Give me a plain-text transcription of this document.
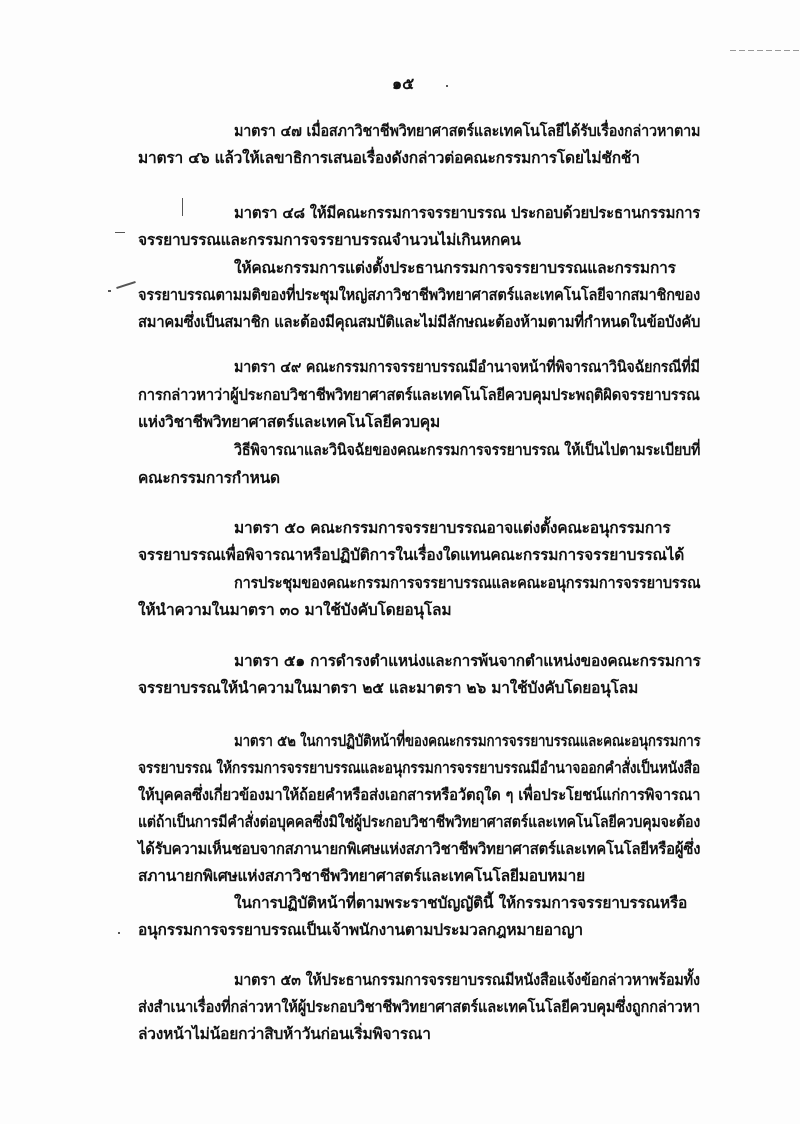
๑๕
มาตรา ๔๗ เมื่อสภาวิชาชีพวิทยาศาสตร์และเทคโนโลยีได้รับเรื่องกล่าวหาตาม
มาตรา ๔๖ แล้วให้เลขาธิการเสนอเรื่องดังกล่าวต่อคณะกรรมการโดยไม่ชักช้า
มาตรา ๔๘ ให้มีคณะกรรมการจรรยาบรรณ ประกอบด้วยประธานกรรมการ
จรรยาบรรณและกรรมการจรรยาบรรณจำนวนไม่เกินหกคน
ให้คณะกรรมการแต่งตั้งประธานกรรมการจรรยาบรรณและกรรมการ
จรรยาบรรณตามมติของที่ประชุมใหญ่สภาวิชาชีพวิทยาศาสตร์และเทคโนโลยีจากสมาชิกของ
สมาคมซึ่งเป็นสมาชิก และต้องมีคุณสมบัติและไม่มีลักษณะต้องห้ามตามที่กำหนดในข้อบังคับ
มาตรา ๔๙ คณะกรรมการจรรยาบรรณมีอำนาจหน้าที่พิจารณาวินิจฉัยกรณีที่มี
การกล่าวหาว่าผู้ประกอบวิชาชีพวิทยาศาสตร์และเทคโนโลยีควบคุมประพฤติผิดจรรยาบรรณ
แห่งวิชาชีพวิทยาศาสตร์และเทคโนโลยีควบคุม
วิธีพิจารณาและวินิจฉัยของคณะกรรมการจรรยาบรรณ ให้เป็นไปตามระเบียบที่
คณะกรรมการกำหนด
มาตรา ๕๐ คณะกรรมการจรรยาบรรณอาจแต่งตั้งคณะอนุกรรมการ
จรรยาบรรณเพื่อพิจารณาหรือปฏิบัติการในเรื่องใดแทนคณะกรรมการจรรยาบรรณได้
การประชุมของคณะกรรมการจรรยาบรรณและคณะอนุกรรมการจรรยาบรรณ
ให้นำความในมาตรา ๓๐ มาใช้บังคับโดยอนุโลม
มาตรา ๕๑ การดำรงตำแหน่งและการพ้นจากตำแหน่งของคณะกรรมการ
จรรยาบรรณให้นำความในมาตรา ๒๕ และมาตรา ๒๖ มาใช้บังคับโดยอนุโลม
มาตรา ๕๒ ในการปฏิบัติหน้าที่ของคณะกรรมการจรรยาบรรณและคณะอนุกรรมการ
จรรยาบรรณ ให้กรรมการจรรยาบรรณและอนุกรรมการจรรยาบรรณมีอำนาจออกคำสั่งเป็นหนังสือ
ให้บุคคลซึ่งเกี่ยวข้องมาให้ถ้อยคำหรือส่งเอกสารหรือวัตถุใด ๆ เพื่อประโยชน์แก่การพิจารณา
แต่ถ้าเป็นการมีคำสั่งต่อบุคคลซึ่งมิใช่ผู้ประกอบวิชาชีพวิทยาศาสตร์และเทคโนโลยีควบคุมจะต้อง
ได้รับความเห็นชอบจากสภานายกพิเศษแห่งสภาวิชาชีพวิทยาศาสตร์และเทคโนโลยีหรือผู้ซึ่ง
สภานายกพิเศษแห่งสภาวิชาชีพวิทยาศาสตร์และเทคโนโลยีมอบหมาย
ในการปฏิบัติหน้าที่ตามพระราชบัญญัตินี้ ให้กรรมการจรรยาบรรณหรือ
อนุกรรมการจรรยาบรรณเป็นเจ้าพนักงานตามประมวลกฎหมายอาญา
มาตรา ๕๓ ให้ประธานกรรมการจรรยาบรรณมีหนังสือแจ้งข้อกล่าวหาพร้อมทั้ง
ส่งสำเนาเรื่องที่กล่าวหาให้ผู้ประกอบวิชาชีพวิทยาศาสตร์และเทคโนโลยีควบคุมซึ่งถูกกล่าวหา
ล่วงหน้าไม่น้อยกว่าสิบห้าวันก่อนเริ่มพิจารณา
